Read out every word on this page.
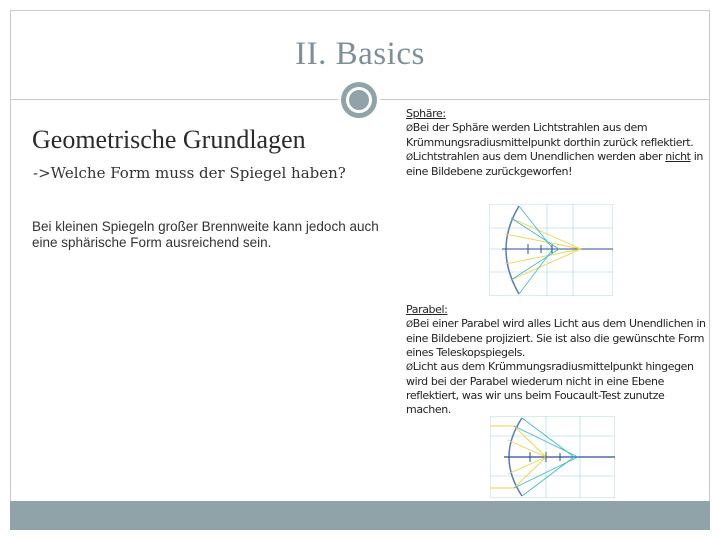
II. Basics
Geometrische Grundlagen
->Welche Form muss der Spiegel haben?
Bei kleinen Spiegeln großer Brennweite kann jedoch auch eine sphärische Form ausreichend sein.
Sphäre:
ØBei der Sphäre werden Lichtstrahlen aus dem Krümmungsradiusmittelpunkt dorthin zurück reflektiert.
ØLichtstrahlen aus dem Unendlichen werden aber nicht in eine Bildebene zurückgeworfen!
Parabel:
ØBei einer Parabel wird alles Licht aus dem Unendlichen in eine Bildebene projiziert. Sie ist also die gewünschte Form eines Teleskopspiegels.
ØLicht aus dem Krümmungsradiusmittelpunkt hingegen wird bei der Parabel wiederum nicht in eine Ebene reflektiert, was wir uns beim Foucault-Test zunutze machen.
